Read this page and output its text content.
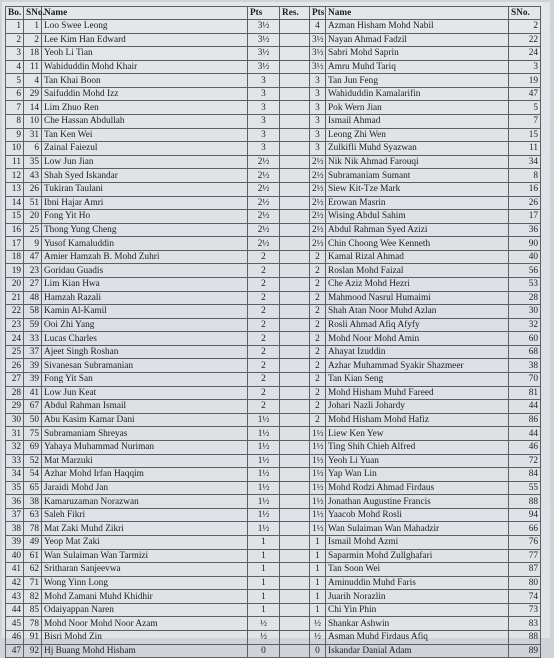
Bo.	SNo.	Name	Pts	Res.	Pts	Name	SNo.
1	1	Loo Swee Leong	3½		4	Azman Hisham Mohd Nabil	2
2	2	Lee Kim Han Edward	3½		3½	Nayan Ahmad Fadzil	22
3	18	Yeoh Li Tian	3½		3½	Sabri Mohd Saprin	24
4	11	Wahiduddin Mohd Khair	3½		3½	Amru Muhd Tariq	3
5	4	Tan Khai Boon	3		3	Tan Jun Feng	19
6	29	Saifuddin Mohd Izz	3		3	Wahiduddin Kamalarifin	47
7	14	Lim Zhuo Ren	3		3	Pok Wern Jian	5
8	10	Che Hassan Abdullah	3		3	Ismail Ahmad	7
9	31	Tan Ken Wei	3		3	Leong Zhi Wen	15
10	6	Zainal Faiezul	3		3	Zulkifli Muhd Syazwan	11
11	35	Low Jun Jian	2½		2½	Nik Nik Ahmad Farouqi	34
12	43	Shah Syed Iskandar	2½		2½	Subramaniam Sumant	8
13	26	Tukiran Taulani	2½		2½	Siew Kit-Tze Mark	16
14	51	Ibni Hajar Amri	2½		2½	Erowan Masrin	26
15	20	Fong Yit Ho	2½		2½	Wising Abdul Sahim	17
16	25	Thong Yung Cheng	2½		2½	Abdul Rahman Syed Azizi	36
17	9	Yusof Kamaluddin	2½		2½	Chin Choong Wee Kenneth	90
18	47	Amier Hamzah B. Mohd Zuhri	2		2	Kamal Rizal Ahmad	40
19	23	Goridau Guadis	2		2	Roslan Mohd Faizal	56
20	27	Lim Kian Hwa	2		2	Che Aziz Mohd Hezri	53
21	48	Hamzah Razali	2		2	Mahmood Nasrul Humaimi	28
22	58	Kamin Al-Kamil	2		2	Shah Atan Noor Muhd Azlan	30
23	59	Ooi Zhi Yang	2		2	Rosli Ahmad Afiq Afyfy	32
24	33	Lucas Charles	2		2	Mohd Noor Mohd Amin	60
25	37	Ajeet Singh Roshan	2		2	Ahayat Izuddin	68
26	39	Sivanesan Subramanian	2		2	Azhar Muhammad Syakir Shazmeer	38
27	39	Fong Yit San	2		2	Tan Kian Seng	70
28	41	Low Jun Keat	2		2	Mohd Hisham Muhd Fareed	81
29	67	Abdul Rahman Ismail	2		2	Johari Nazli Johardy	44
30	50	Abu Kasim Kamar Dani	1½		2	Mohd Hisham Mohd Hafiz	86
31	75	Subramaniam Shreyas	1½		1½	Liew Ken Yew	44
32	69	Yahaya Muhammad Nuriman	1½		1½	Ting Shih Chieh Alfred	46
33	52	Mat Marzuki	1½		1½	Yeoh Li Yuan	72
34	54	Azhar Mohd Irfan Haqqim	1½		1½	Yap Wan Lin	84
35	65	Jaraidi Mohd Jan	1½		1½	Mohd Rodzi Ahmad Firdaus	55
36	38	Kamaruzaman Norazwan	1½		1½	Jonathan Augustine Francis	88
37	63	Saleh Fikri	1½		1½	Yaacob Mohd Rosli	94
38	78	Mat Zaki Muhd Zikri	1½		1½	Wan Sulaiman Wan Mahadzir	66
39	49	Yeop Mat Zaki	1		1	Ismail Mohd Azmi	76
40	61	Wan Sulaiman Wan Tarmizi	1		1	Saparmin Mohd Zullghafari	77
41	62	Sritharan Sanjeevwa	1		1	Tan Soon Wei	87
42	71	Wong Yinn Long	1		1	Aminuddin Muhd Faris	80
43	82	Mohd Zamani Muhd Khidhir	1		1	Juarih Norazlin	74
44	85	Odaiyappan Naren	1		1	Chi Yin Phin	73
45	78	Mohd Noor Mohd Noor Azam	½		½	Shankar Ashwin	83
46	91	Bisri Mohd Zin	½		½	Asman Muhd Firdaus Afiq	88
47	92	Hj Buang Mohd Hisham	0		0	Iskandar Danial Adam	89
